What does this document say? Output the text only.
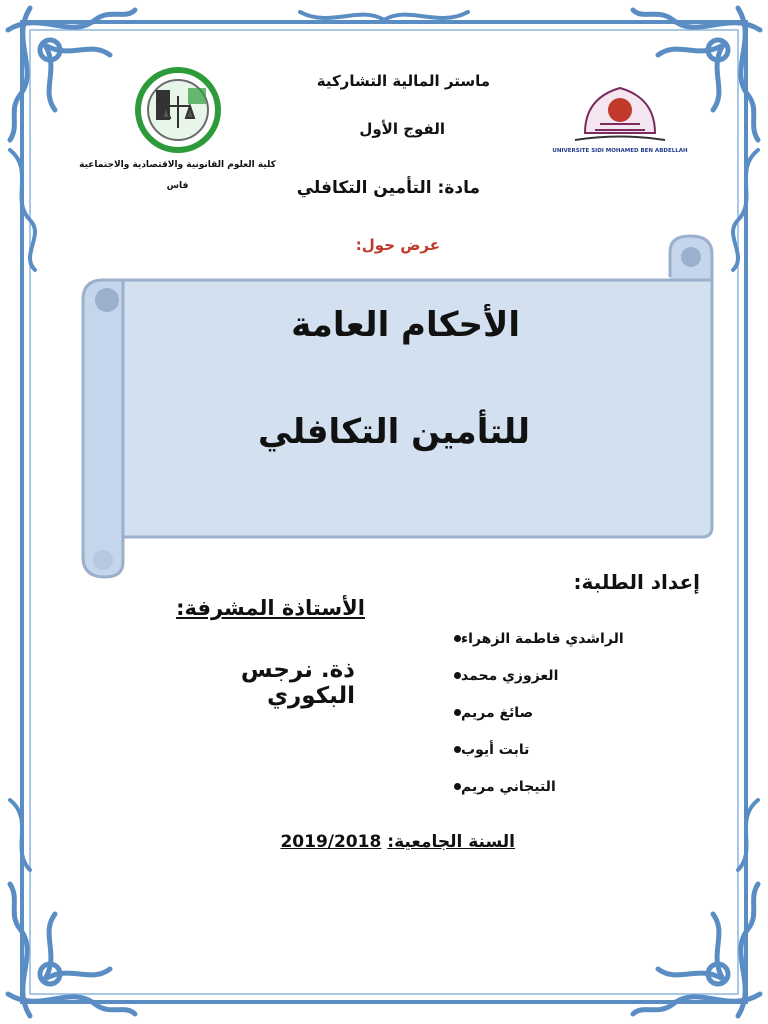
كلية العلوم القانونية والاقتصادية والاجتماعية
فاس
UNIVERSITE SIDI MOHAMED BEN ABDELLAH
ماستر المالية التشاركية
الفوج الأول
مادة: التأمين التكافلي
عرض حول:
الأحكام العامة
للتأمين التكافلي
إعداد الطلبة:
الراشدي فاطمة الزهراء
العزوزي محمد
صائغ مريم
تابت أيوب
التيجاني مريم
الأستاذة المشرفة:
ذة. نرجس البكوري
السنة الجامعية:2019/2018
